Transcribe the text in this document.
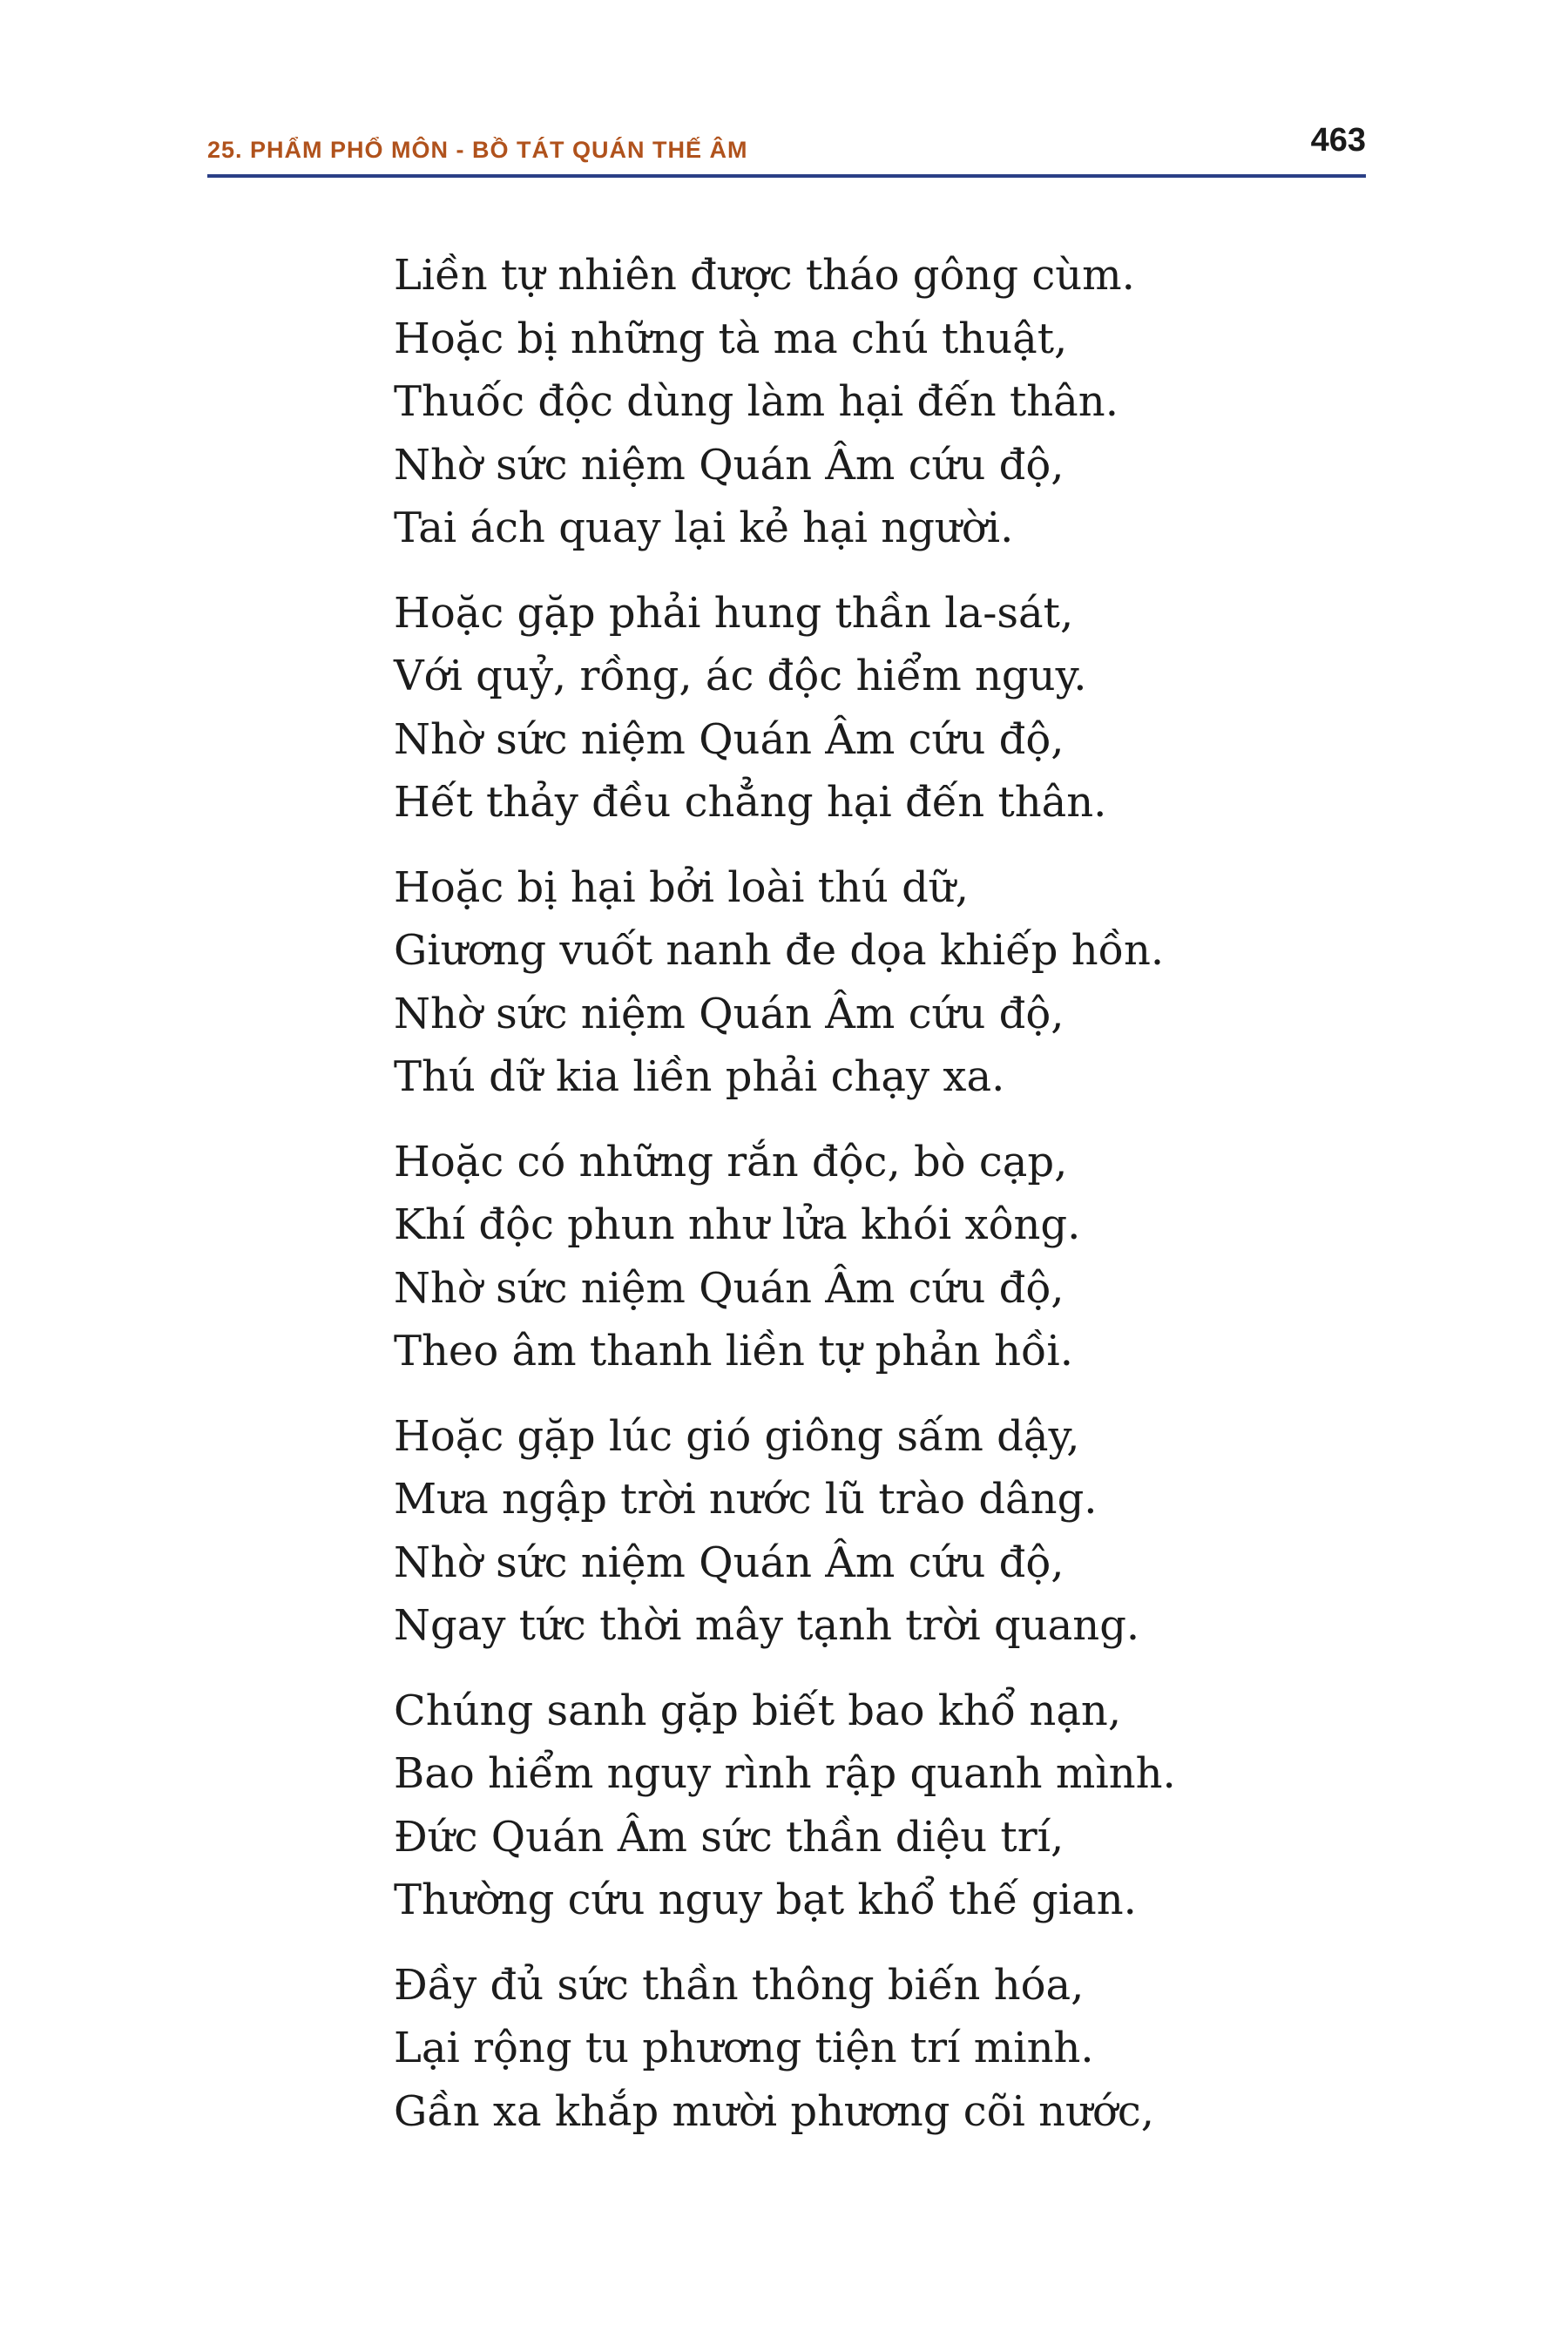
25. PHẨM PHỔ MÔN - BỒ TÁT QUÁN THẾ ÂM	463
Liền tự nhiên được tháo gông cùm.
Hoặc bị những tà ma chú thuật,
Thuốc độc dùng làm hại đến thân.
Nhờ sức niệm Quán Âm cứu độ,
Tai ách quay lại kẻ hại người.
Hoặc gặp phải hung thần la-sát,
Với quỷ, rồng, ác độc hiểm nguy.
Nhờ sức niệm Quán Âm cứu độ,
Hết thảy đều chẳng hại đến thân.
Hoặc bị hại bởi loài thú dữ,
Giương vuốt nanh đe dọa khiếp hồn.
Nhờ sức niệm Quán Âm cứu độ,
Thú dữ kia liền phải chạy xa.
Hoặc có những rắn độc, bò cạp,
Khí độc phun như lửa khói xông.
Nhờ sức niệm Quán Âm cứu độ,
Theo âm thanh liền tự phản hồi.
Hoặc gặp lúc gió giông sấm dậy,
Mưa ngập trời nước lũ trào dâng.
Nhờ sức niệm Quán Âm cứu độ,
Ngay tức thời mây tạnh trời quang.
Chúng sanh gặp biết bao khổ nạn,
Bao hiểm nguy rình rập quanh mình.
Đức Quán Âm sức thần diệu trí,
Thường cứu nguy bạt khổ thế gian.
Đầy đủ sức thần thông biến hóa,
Lại rộng tu phương tiện trí minh.
Gần xa khắp mười phương cõi nước,
